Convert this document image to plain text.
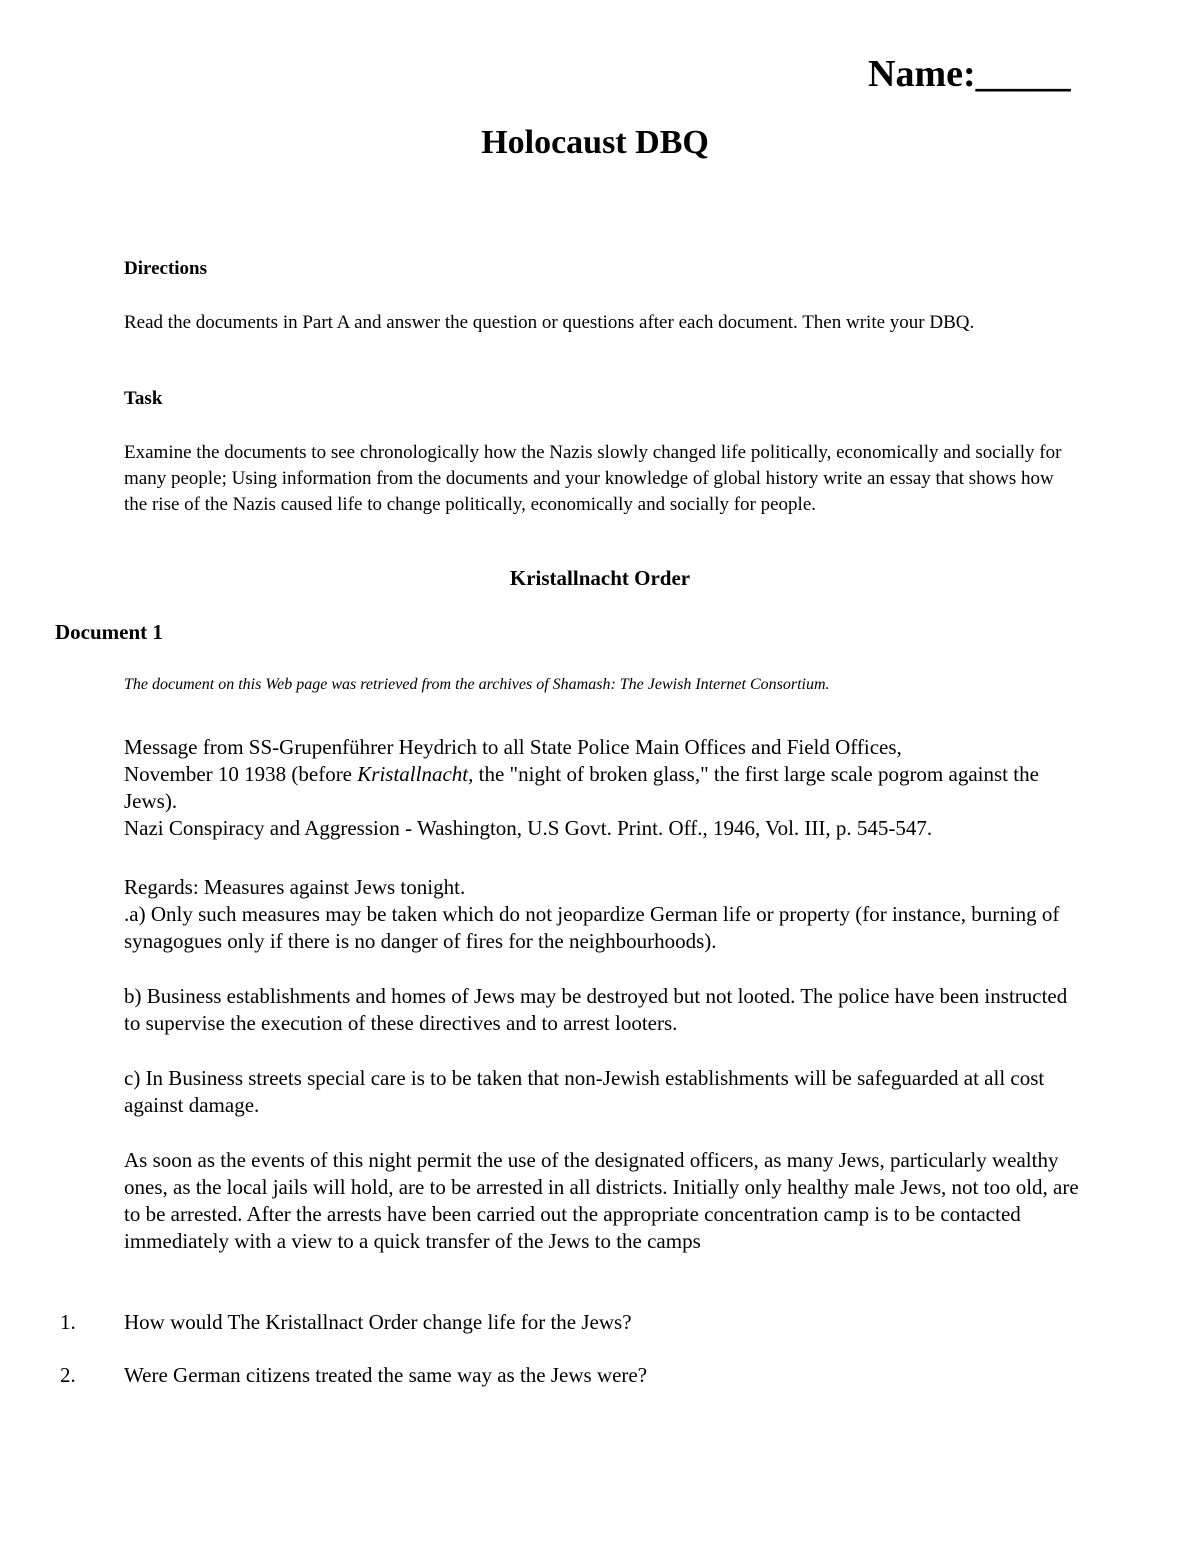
Name:_____
Holocaust DBQ
Directions
Read the documents in Part A and answer the question or questions after each document. Then write your DBQ.
Task
Examine the documents to see chronologically how the Nazis slowly changed life politically, economically and socially for many people; Using information from the documents and your knowledge of global history write an essay that shows how the rise of the Nazis caused life to change politically, economically and socially for people.
Kristallnacht Order
Document 1
The document on this Web page was retrieved from the archives of Shamash: The Jewish Internet Consortium.
Message from SS-Grupenführer Heydrich to all State Police Main Offices and Field Offices,
November 10 1938 (before Kristallnacht, the "night of broken glass," the first large scale pogrom against the Jews).
Nazi Conspiracy and Aggression - Washington, U.S Govt. Print. Off., 1946, Vol. III, p. 545-547.
Regards: Measures against Jews tonight.
.a) Only such measures may be taken which do not jeopardize German life or property (for instance, burning of synagogues only if there is no danger of fires for the neighbourhoods).
b) Business establishments and homes of Jews may be destroyed but not looted. The police have been instructed to supervise the execution of these directives and to arrest looters.
c) In Business streets special care is to be taken that non-Jewish establishments will be safeguarded at all cost against damage.
As soon as the events of this night permit the use of the designated officers, as many Jews, particularly wealthy ones, as the local jails will hold, are to be arrested in all districts. Initially only healthy male Jews, not too old, are to be arrested. After the arrests have been carried out the appropriate concentration camp is to be contacted immediately with a view to a quick transfer of the Jews to the camps
1. How would The Kristallnact Order change life for the Jews?
2. Were German citizens treated the same way as the Jews were?
